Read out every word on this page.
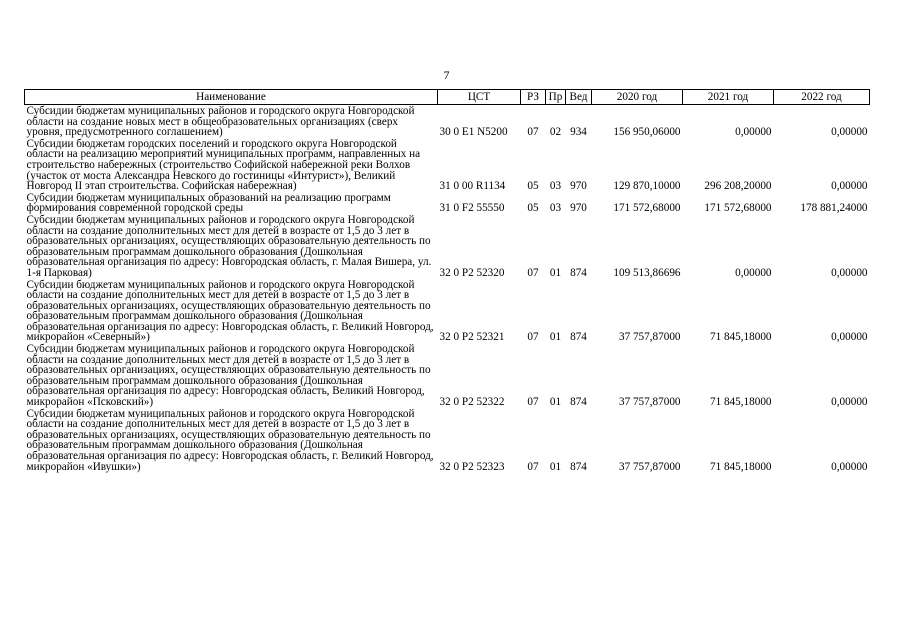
7
Наименование	ЦСТ	РЗ	Пр	Вед	2020 год	2021 год	2022 год
Субсидии бюджетам муниципальных районов и городского округа Новгородской области на создание новых мест в общеобразовательных организациях (сверх уровня, предусмотренного соглашением)	30 0 E1 N5200	07	02	934	156 950,06000	0,00000	0,00000
Субсидии бюджетам городских поселений и городского округа Новгородской области на реализацию мероприятий муниципальных программ, направленных на строительство набережных (строительство Софийской набережной реки Волхов (участок от моста Александра Невского до гостиницы «Интурист»), Великий Новгород II этап строительства. Софийская набережная)	31 0 00 R1134	05	03	970	129 870,10000	296 208,20000	0,00000
Субсидии бюджетам муниципальных образований на реализацию программ формирования современной городской среды	31 0 F2 55550	05	03	970	171 572,68000	171 572,68000	178 881,24000
Субсидии бюджетам муниципальных районов и городского округа Новгородской области на создание дополнительных мест для детей в возрасте от 1,5 до 3 лет в образовательных организациях, осуществляющих образовательную деятельность по образовательным программам дошкольного образования (Дошкольная образовательная организация по адресу: Новгородская область, г. Малая Вишера, ул. 1-я Парковая)	32 0 P2 52320	07	01	874	109 513,86696	0,00000	0,00000
Субсидии бюджетам муниципальных районов и городского округа Новгородской области на создание дополнительных мест для детей в возрасте от 1,5 до 3 лет в образовательных организациях, осуществляющих образовательную деятельность по образовательным программам дошкольного образования (Дошкольная образовательная организация по адресу: Новгородская область, г. Великий Новгород, микрорайон «Северный»)	32 0 P2 52321	07	01	874	37 757,87000	71 845,18000	0,00000
Субсидии бюджетам муниципальных районов и городского округа Новгородской области на создание дополнительных мест для детей в возрасте от 1,5 до 3 лет в образовательных организациях, осуществляющих образовательную деятельность по образовательным программам дошкольного образования (Дошкольная образовательная организация по адресу: Новгородская область, Великий Новгород, микрорайон «Псковский»)	32 0 P2 52322	07	01	874	37 757,87000	71 845,18000	0,00000
Субсидии бюджетам муниципальных районов и городского округа Новгородской области на создание дополнительных мест для детей в возрасте от 1,5 до 3 лет в образовательных организациях, осуществляющих образовательную деятельность по образовательным программам дошкольного образования (Дошкольная образовательная организация по адресу: Новгородская область, г. Великий Новгород, микрорайон «Ивушки»)	32 0 P2 52323	07	01	874	37 757,87000	71 845,18000	0,00000
